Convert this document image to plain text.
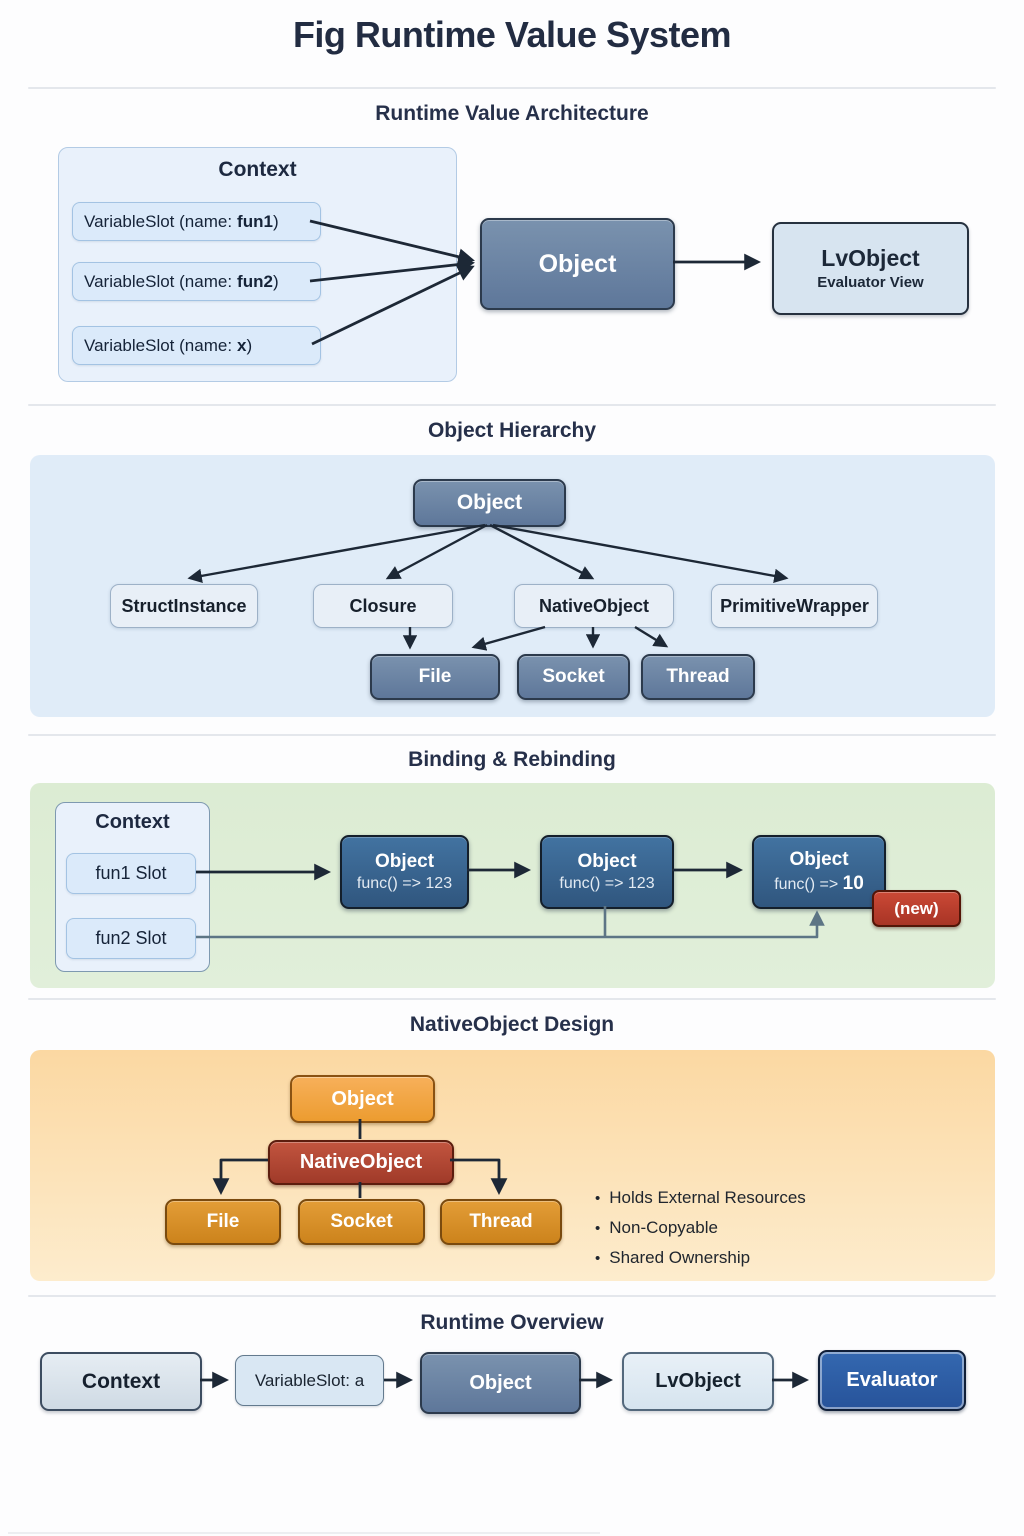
Fig Runtime Value System
Runtime Value Architecture
Context
VariableSlot (name: fun1 )
VariableSlot (name: fun2 )
VariableSlot (name: x )
Object	LvObject
Evaluator View
Object Hierarchy
Object
StructInstance	Closure	NativeObject	PrimitiveWrapper
File	Socket	Thread
Binding & Rebinding
Context
fun1 Slot
fun2 Slot
Object
func() => 123
Object
func() => 123
Object
func() => 10
(new)
NativeObject Design
Object
NativeObject
File	Socket	Thread
• Holds External Resources
• Non-Copyable
• Shared Ownership
Runtime Overview
Context	VariableSlot: a	Object	LvObject	Evaluator
